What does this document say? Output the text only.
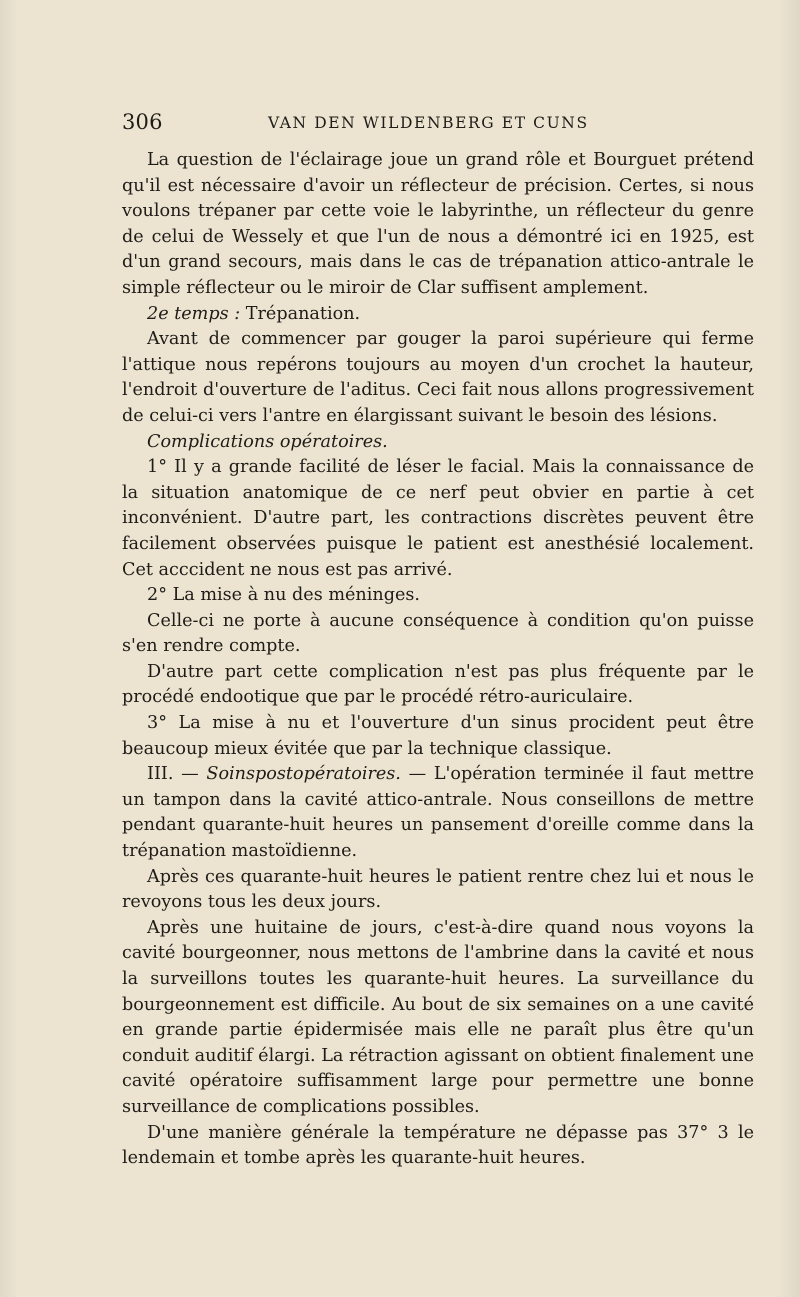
306	VAN DEN WILDENBERG ET CUNS

La question de l'éclairage joue un grand rôle et Bourguet prétend qu'il est nécessaire d'avoir un réflecteur de précision. Certes, si nous voulons trépaner par cette voie le labyrinthe, un réflecteur du genre de celui de Wessely et que l'un de nous a démontré ici en 1925, est d'un grand secours, mais dans le cas de trépanation attico-antrale le simple réflecteur ou le miroir de Clar suffisent amplement.

2e temps : Trépanation.

Avant de commencer par gouger la paroi supérieure qui ferme l'attique nous repérons toujours au moyen d'un crochet la hauteur, l'endroit d'ouverture de l'aditus. Ceci fait nous allons progressivement de celui-ci vers l'antre en élargissant suivant le besoin des lésions.

Complications opératoires.

1° Il y a grande facilité de léser le facial. Mais la connaissance de la situation anatomique de ce nerf peut obvier en partie à cet inconvénient. D'autre part, les contractions discrètes peuvent être facilement observées puisque le patient est anesthésié localement. Cet acccident ne nous est pas arrivé.

2° La mise à nu des méninges.

Celle-ci ne porte à aucune conséquence à condition qu'on puisse s'en rendre compte.

D'autre part cette complication n'est pas plus fréquente par le procédé endootique que par le procédé rétro-auriculaire.

3° La mise à nu et l'ouverture d'un sinus procident peut être beaucoup mieux évitée que par la technique classique.

III. — Soinspostopératoires. — L'opération terminée il faut mettre un tampon dans la cavité attico-antrale. Nous conseillons de mettre pendant quarante-huit heures un pansement d'oreille comme dans la trépanation mastoïdienne.

Après ces quarante-huit heures le patient rentre chez lui et nous le revoyons tous les deux jours.

Après une huitaine de jours, c'est-à-dire quand nous voyons la cavité bourgeonner, nous mettons de l'ambrine dans la cavité et nous la surveillons toutes les quarante-huit heures. La surveillance du bourgeonnement est difficile. Au bout de six semaines on a une cavité en grande partie épidermisée mais elle ne paraît plus être qu'un conduit auditif élargi. La rétraction agissant on obtient finalement une cavité opératoire suffisamment large pour permettre une bonne surveillance de complications possibles.

D'une manière générale la température ne dépasse pas 37° 3 le lendemain et tombe après les quarante-huit heures.
